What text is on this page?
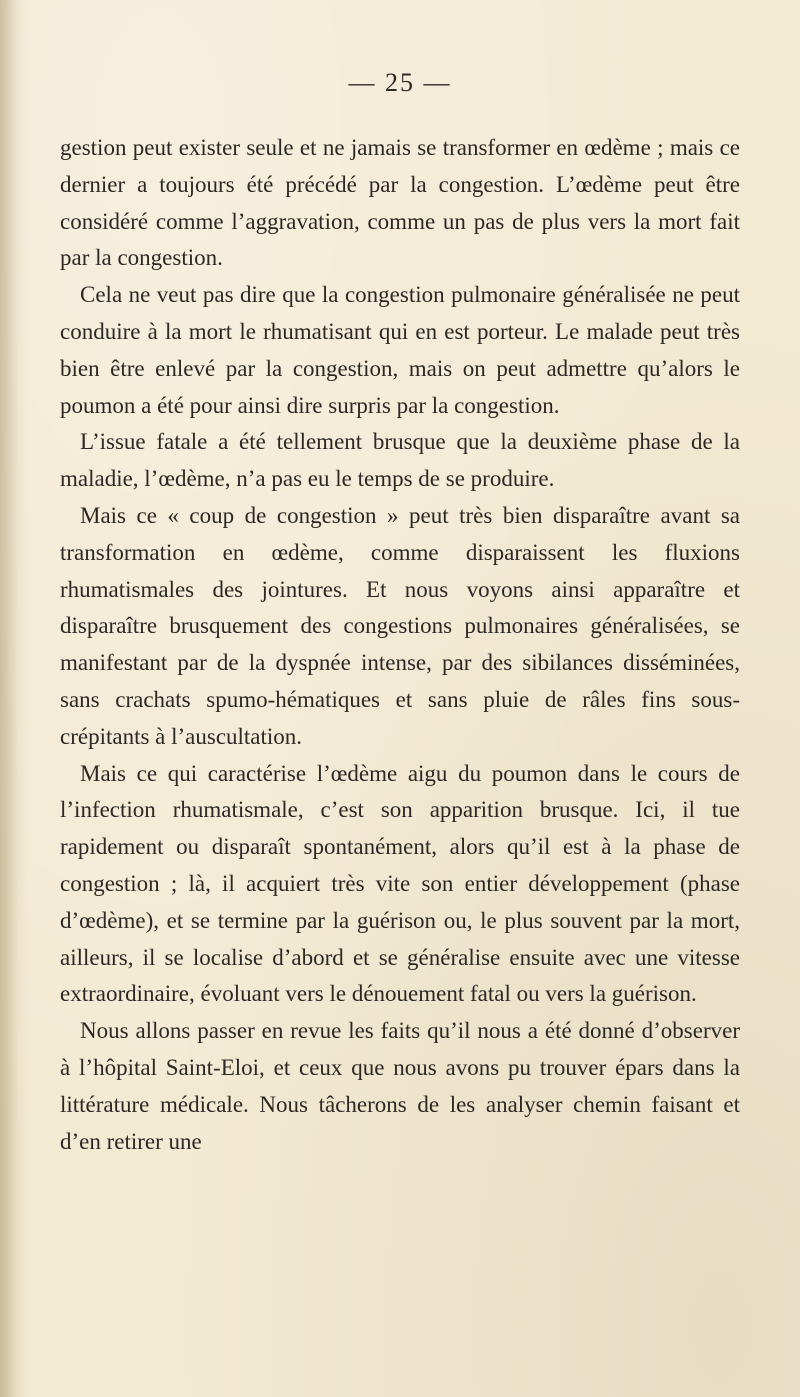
— 25 —

gestion peut exister seule et ne jamais se transformer en œdème ; mais ce dernier a toujours été précédé par la congestion. L’œdème peut être considéré comme l’aggravation, comme un pas de plus vers la mort fait par la congestion.

Cela ne veut pas dire que la congestion pulmonaire généralisée ne peut conduire à la mort le rhumatisant qui en est porteur. Le malade peut très bien être enlevé par la congestion, mais on peut admettre qu’alors le poumon a été pour ainsi dire surpris par la congestion.

L’issue fatale a été tellement brusque que la deuxième phase de la maladie, l’œdème, n’a pas eu le temps de se produire.

Mais ce « coup de congestion » peut très bien disparaître avant sa transformation en œdème, comme disparaissent les fluxions rhumatismales des jointures. Et nous voyons ainsi apparaître et disparaître brusquement des congestions pulmonaires généralisées, se manifestant par de la dyspnée intense, par des sibilances disséminées, sans crachats spumo-hématiques et sans pluie de râles fins sous-crépitants à l’auscultation.

Mais ce qui caractérise l’œdème aigu du poumon dans le cours de l’infection rhumatismale, c’est son apparition brusque. Ici, il tue rapidement ou disparaît spontanément, alors qu’il est à la phase de congestion ; là, il acquiert très vite son entier développement (phase d’œdème), et se termine par la guérison ou, le plus souvent par la mort, ailleurs, il se localise d’abord et se généralise ensuite avec une vitesse extraordinaire, évoluant vers le dénouement fatal ou vers la guérison.

Nous allons passer en revue les faits qu’il nous a été donné d’observer à l’hôpital Saint-Eloi, et ceux que nous avons pu trouver épars dans la littérature médicale. Nous tâcherons de les analyser chemin faisant et d’en retirer une
